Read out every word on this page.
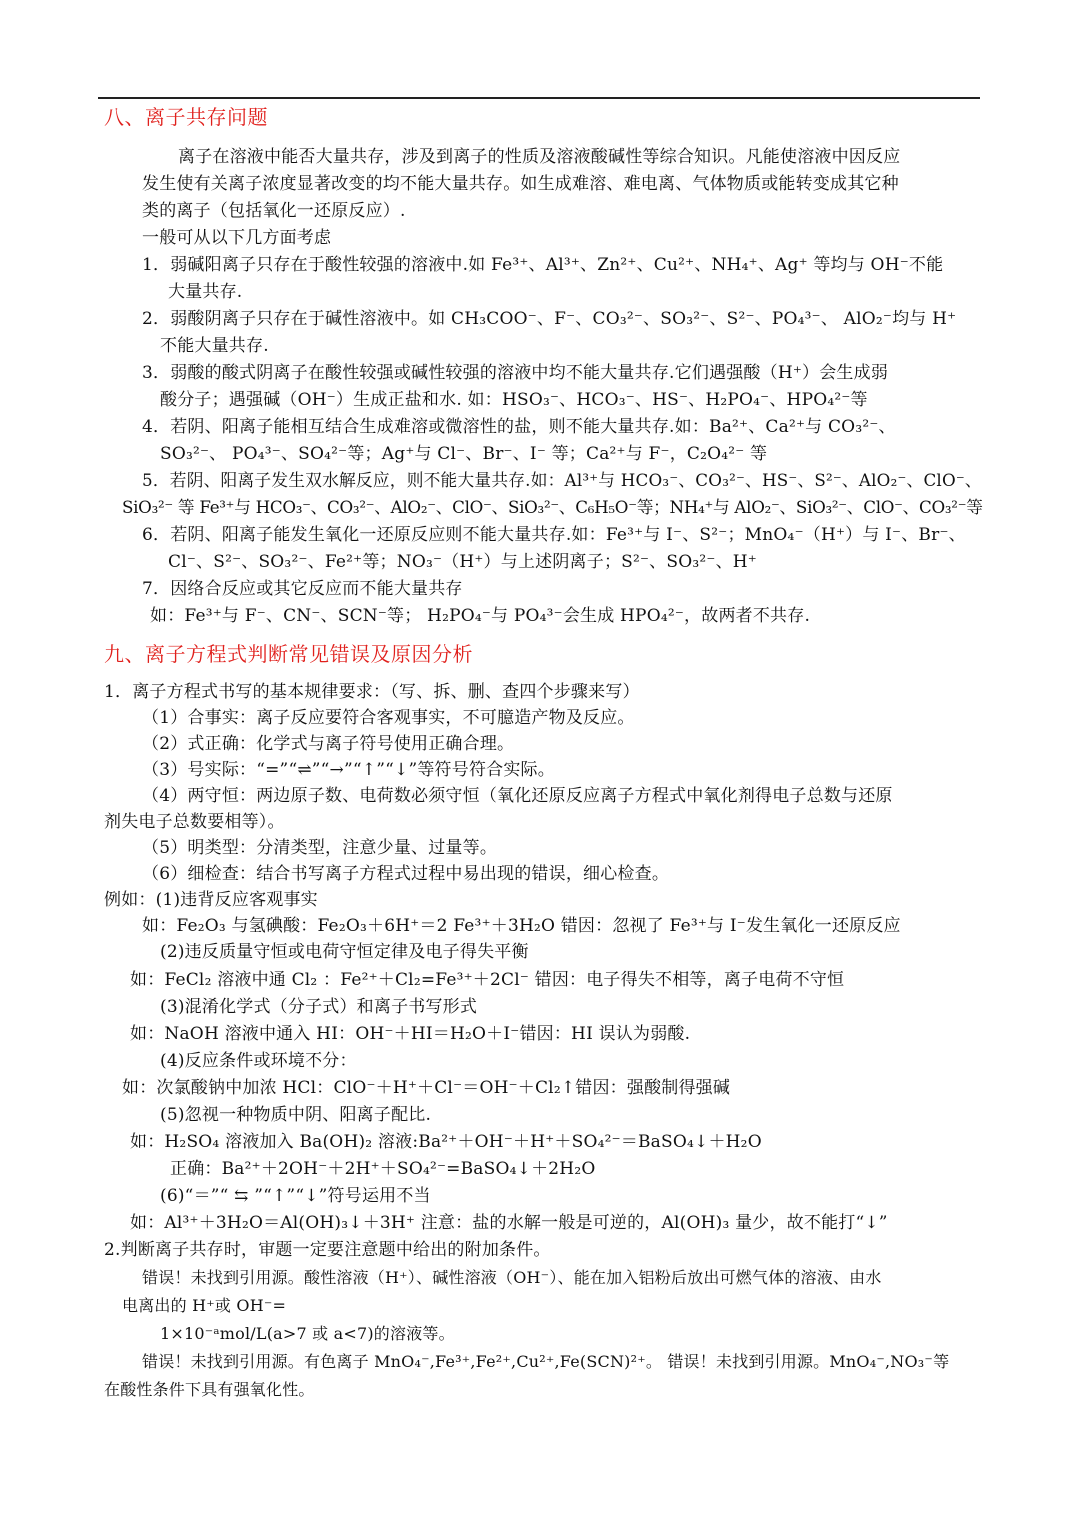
八、离子共存问题
离子在溶液中能否大量共存，涉及到离子的性质及溶液酸碱性等综合知识。凡能使溶液中因反应
发生使有关离子浓度显著改变的均不能大量共存。如生成难溶、难电离、气体物质或能转变成其它种
类的离子（包括氧化一还原反应）.
一般可从以下几方面考虑
1．弱碱阳离子只存在于酸性较强的溶液中.如 Fe³⁺、Al³⁺、Zn²⁺、Cu²⁺、NH₄⁺、Ag⁺ 等均与 OH⁻不能
大量共存.
2．弱酸阴离子只存在于碱性溶液中。如 CH₃COO⁻、F⁻、CO₃²⁻、SO₃²⁻、S²⁻、PO₄³⁻、 AlO₂⁻均与 H⁺
不能大量共存.
3．弱酸的酸式阴离子在酸性较强或碱性较强的溶液中均不能大量共存.它们遇强酸（H⁺）会生成弱
酸分子；遇强碱（OH⁻）生成正盐和水. 如：HSO₃⁻、HCO₃⁻、HS⁻、H₂PO₄⁻、HPO₄²⁻等
4．若阴、阳离子能相互结合生成难溶或微溶性的盐，则不能大量共存.如：Ba²⁺、Ca²⁺与 CO₃²⁻、
SO₃²⁻、 PO₄³⁻、SO₄²⁻等；Ag⁺与 Cl⁻、Br⁻、I⁻ 等；Ca²⁺与 F⁻，C₂O₄²⁻ 等
5．若阴、阳离子发生双水解反应，则不能大量共存.如：Al³⁺与 HCO₃⁻、CO₃²⁻、HS⁻、S²⁻、AlO₂⁻、ClO⁻、
SiO₃²⁻ 等 Fe³⁺与 HCO₃⁻、CO₃²⁻、AlO₂⁻、ClO⁻、SiO₃²⁻、C₆H₅O⁻等；NH₄⁺与 AlO₂⁻、SiO₃²⁻、ClO⁻、CO₃²⁻等
6．若阴、阳离子能发生氧化一还原反应则不能大量共存.如：Fe³⁺与 I⁻、S²⁻；MnO₄⁻（H⁺）与 I⁻、Br⁻、
Cl⁻、S²⁻、SO₃²⁻、Fe²⁺等；NO₃⁻（H⁺）与上述阴离子；S²⁻、SO₃²⁻、H⁺
7．因络合反应或其它反应而不能大量共存
如：Fe³⁺与 F⁻、CN⁻、SCN⁻等； H₂PO₄⁻与 PO₄³⁻会生成 HPO₄²⁻，故两者不共存.
九、离子方程式判断常见错误及原因分析
1．离子方程式书写的基本规律要求：（写、拆、删、查四个步骤来写）
（1）合事实：离子反应要符合客观事实，不可臆造产物及反应。
（2）式正确：化学式与离子符号使用正确合理。
（3）号实际：“=”“⇌”“→”“↑”“↓”等符号符合实际。
（4）两守恒：两边原子数、电荷数必须守恒（氧化还原反应离子方程式中氧化剂得电子总数与还原
剂失电子总数要相等）。
（5）明类型：分清类型，注意少量、过量等。
（6）细检查：结合书写离子方程式过程中易出现的错误，细心检查。
例如：(1)违背反应客观事实
如：Fe₂O₃ 与氢碘酸：Fe₂O₃＋6H⁺＝2 Fe³⁺＋3H₂O 错因：忽视了 Fe³⁺与 I⁻发生氧化一还原反应
(2)违反质量守恒或电荷守恒定律及电子得失平衡
如：FeCl₂ 溶液中通 Cl₂ ：Fe²⁺＋Cl₂=Fe³⁺＋2Cl⁻ 错因：电子得失不相等，离子电荷不守恒
(3)混淆化学式（分子式）和离子书写形式
如：NaOH 溶液中通入 HI：OH⁻＋HI＝H₂O＋I⁻错因：HI 误认为弱酸.
(4)反应条件或环境不分：
如：次氯酸钠中加浓 HCl：ClO⁻＋H⁺＋Cl⁻＝OH⁻＋Cl₂↑错因：强酸制得强碱
(5)忽视一种物质中阴、阳离子配比.
如：H₂SO₄ 溶液加入 Ba(OH)₂ 溶液:Ba²⁺＋OH⁻＋H⁺＋SO₄²⁻＝BaSO₄↓＋H₂O
正确：Ba²⁺＋2OH⁻＋2H⁺＋SO₄²⁻=BaSO₄↓＋2H₂O
(6)“＝”“ ⇆ ”“↑”“↓”符号运用不当
如：Al³⁺＋3H₂O＝Al(OH)₃↓＋3H⁺ 注意：盐的水解一般是可逆的，Al(OH)₃ 量少，故不能打“↓”
2.判断离子共存时，审题一定要注意题中给出的附加条件。
错误！未找到引用源。酸性溶液（H⁺）、碱性溶液（OH⁻）、能在加入铝粉后放出可燃气体的溶液、由水
电离出的 H⁺或 OH⁻=
1×10⁻ᵃmol/L(a>7 或 a<7)的溶液等。
错误！未找到引用源。有色离子 MnO₄⁻,Fe³⁺,Fe²⁺,Cu²⁺,Fe(SCN)²⁺。 错误！未找到引用源。MnO₄⁻,NO₃⁻等
在酸性条件下具有强氧化性。
